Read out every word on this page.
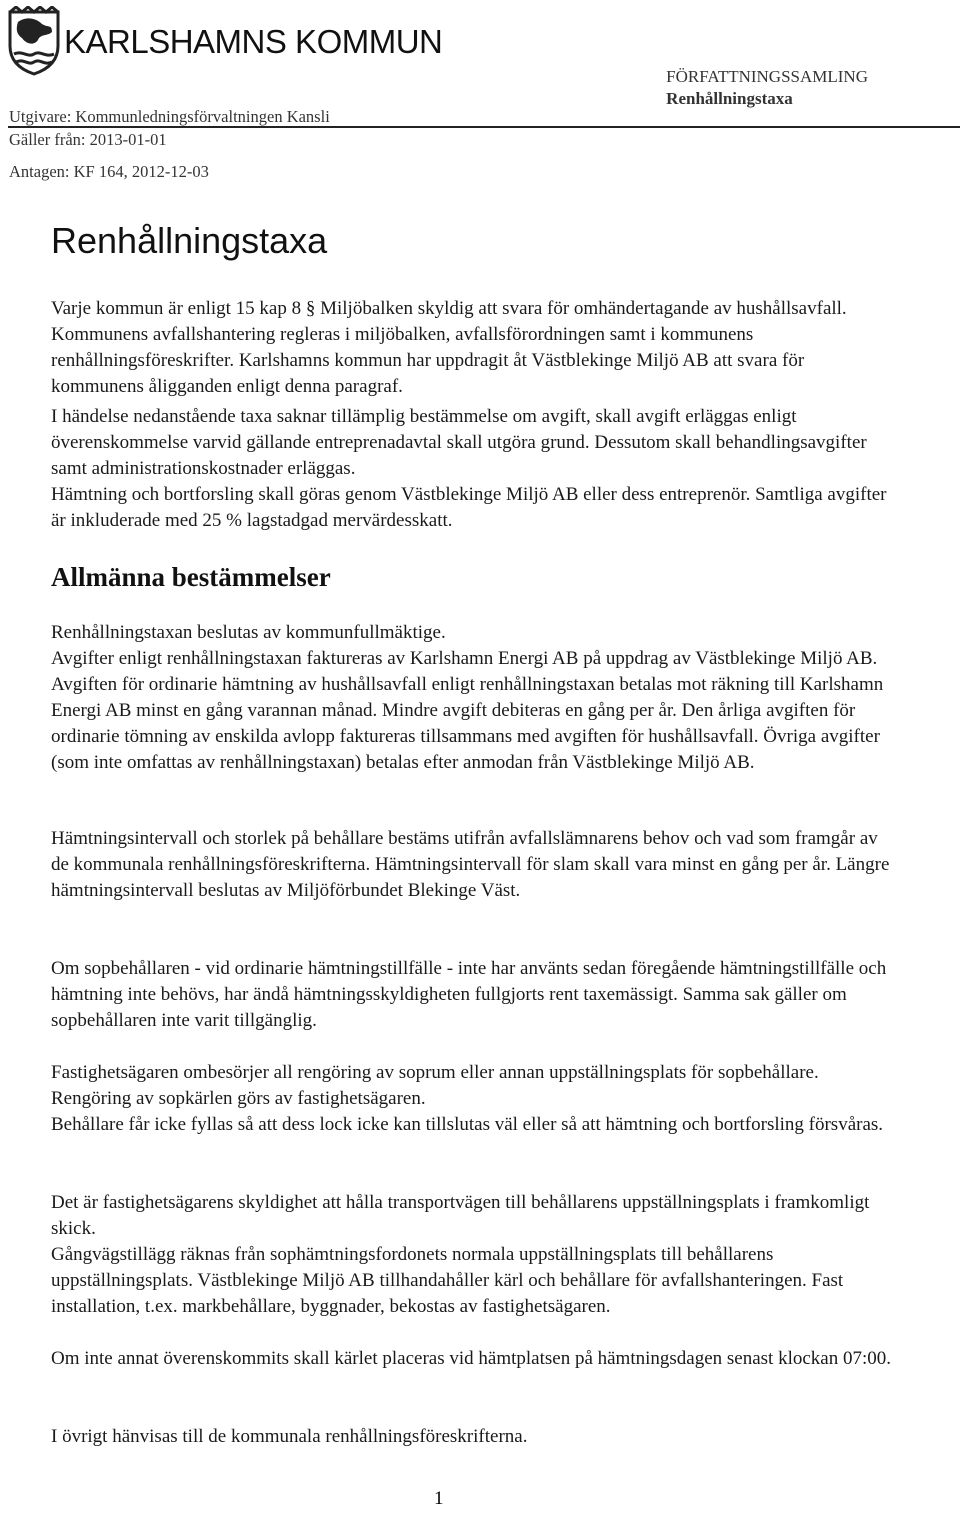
KARLSHAMNS KOMMUN
Utgivare: Kommunledningsförvaltningen Kansli
Gäller från: 2013-01-01
Antagen: KF 164, 2012-12-03
FÖRFATTNINGSSAMLING
Renhållningstaxa
Renhållningstaxa

Varje kommun är enligt 15 kap 8 § Miljöbalken skyldig att svara för omhändertagande av hushållsavfall. Kommunens avfallshantering regleras i miljöbalken, avfallsförordningen samt i kommunens renhållningsföreskrifter. Karlshamns kommun har uppdragit åt Västblekinge Miljö AB att svara för kommunens åligganden enligt denna paragraf.

I händelse nedanstående taxa saknar tillämplig bestämmelse om avgift, skall avgift erläggas enligt överenskommelse varvid gällande entreprenadavtal skall utgöra grund. Dessutom skall behandlingsavgifter samt administrationskostnader erläggas.

Hämtning och bortforsling skall göras genom Västblekinge Miljö AB eller dess entreprenör. Samtliga avgifter är inkluderade med 25 % lagstadgad mervärdesskatt.

Allmänna bestämmelser

Renhållningstaxan beslutas av kommunfullmäktige.

Avgifter enligt renhållningstaxan faktureras av Karlshamn Energi AB på uppdrag av Västblekinge Miljö AB. Avgiften för ordinarie hämtning av hushållsavfall enligt renhållningstaxan betalas mot räkning till Karlshamn Energi AB minst en gång varannan månad. Mindre avgift debiteras en gång per år. Den årliga avgiften för ordinarie tömning av enskilda avlopp faktureras tillsammans med avgiften för hushållsavfall. Övriga avgifter (som inte omfattas av renhållningstaxan) betalas efter anmodan från Västblekinge Miljö AB.

Hämtningsintervall och storlek på behållare bestäms utifrån avfallslämnarens behov och vad som framgår av de kommunala renhållningsföreskrifterna. Hämtningsintervall för slam skall vara minst en gång per år. Längre hämtningsintervall beslutas av Miljöförbundet Blekinge Väst.

Om sopbehållaren - vid ordinarie hämtningstillfälle - inte har använts sedan föregående hämtningstillfälle och hämtning inte behövs, har ändå hämtningsskyldigheten fullgjorts rent taxemässigt. Samma sak gäller om sopbehållaren inte varit tillgänglig.

Fastighetsägaren ombesörjer all rengöring av soprum eller annan uppställningsplats för sopbehållare. Rengöring av sopkärlen görs av fastighetsägaren.

Behållare får icke fyllas så att dess lock icke kan tillslutas väl eller så att hämtning och bortforsling försvåras.

Det är fastighetsägarens skyldighet att hålla transportvägen till behållarens uppställningsplats i framkomligt skick.

Gångvägstillägg räknas från sophämtningsfordonets normala uppställningsplats till behållarens uppställningsplats. Västblekinge Miljö AB tillhandahåller kärl och behållare för avfallshanteringen. Fast installation, t.ex. markbehållare, byggnader, bekostas av fastighetsägaren.

Om inte annat överenskommits skall kärlet placeras vid hämtplatsen på hämtningsdagen senast klockan 07:00.

I övrigt hänvisas till de kommunala renhållningsföreskrifterna.

1
